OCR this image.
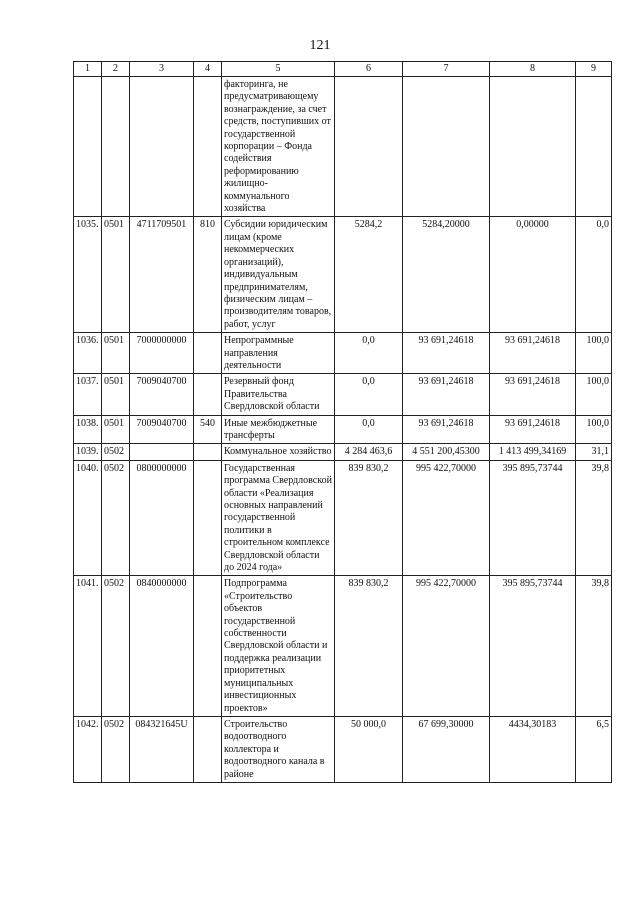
121
1	2	3	4	5	6	7	8	9
				факторинга, не предусматривающему вознаграждение, за счет средств, поступивших от государственной корпорации – Фонда содействия реформированию жилищно-коммунального хозяйства				
1035.	0501	4711709501	810	Субсидии юридическим лицам (кроме некоммерческих организаций), индивидуальным предпринимателям, физическим лицам – производителям товаров, работ, услуг	5284,2	5284,20000	0,00000	0,0
1036.	0501	7000000000		Непрограммные направления деятельности	0,0	93 691,24618	93 691,24618	100,0
1037.	0501	7009040700		Резервный фонд Правительства Свердловской области	0,0	93 691,24618	93 691,24618	100,0
1038.	0501	7009040700	540	Иные межбюджетные трансферты	0,0	93 691,24618	93 691,24618	100,0
1039.	0502			Коммунальное хозяйство	4 284 463,6	4 551 200,45300	1 413 499,34169	31,1
1040.	0502	0800000000		Государственная программа Свердловской области «Реализация основных направлений государственной политики в строительном комплексе Свердловской области до 2024 года»	839 830,2	995 422,70000	395 895,73744	39,8
1041.	0502	0840000000		Подпрограмма «Строительство объектов государственной собственности Свердловской области и поддержка реализации приоритетных муниципальных инвестиционных проектов»	839 830,2	995 422,70000	395 895,73744	39,8
1042.	0502	084321645U		Строительство водоотводного коллектора и водоотводного канала в районе	50 000,0	67 699,30000	4434,30183	6,5
